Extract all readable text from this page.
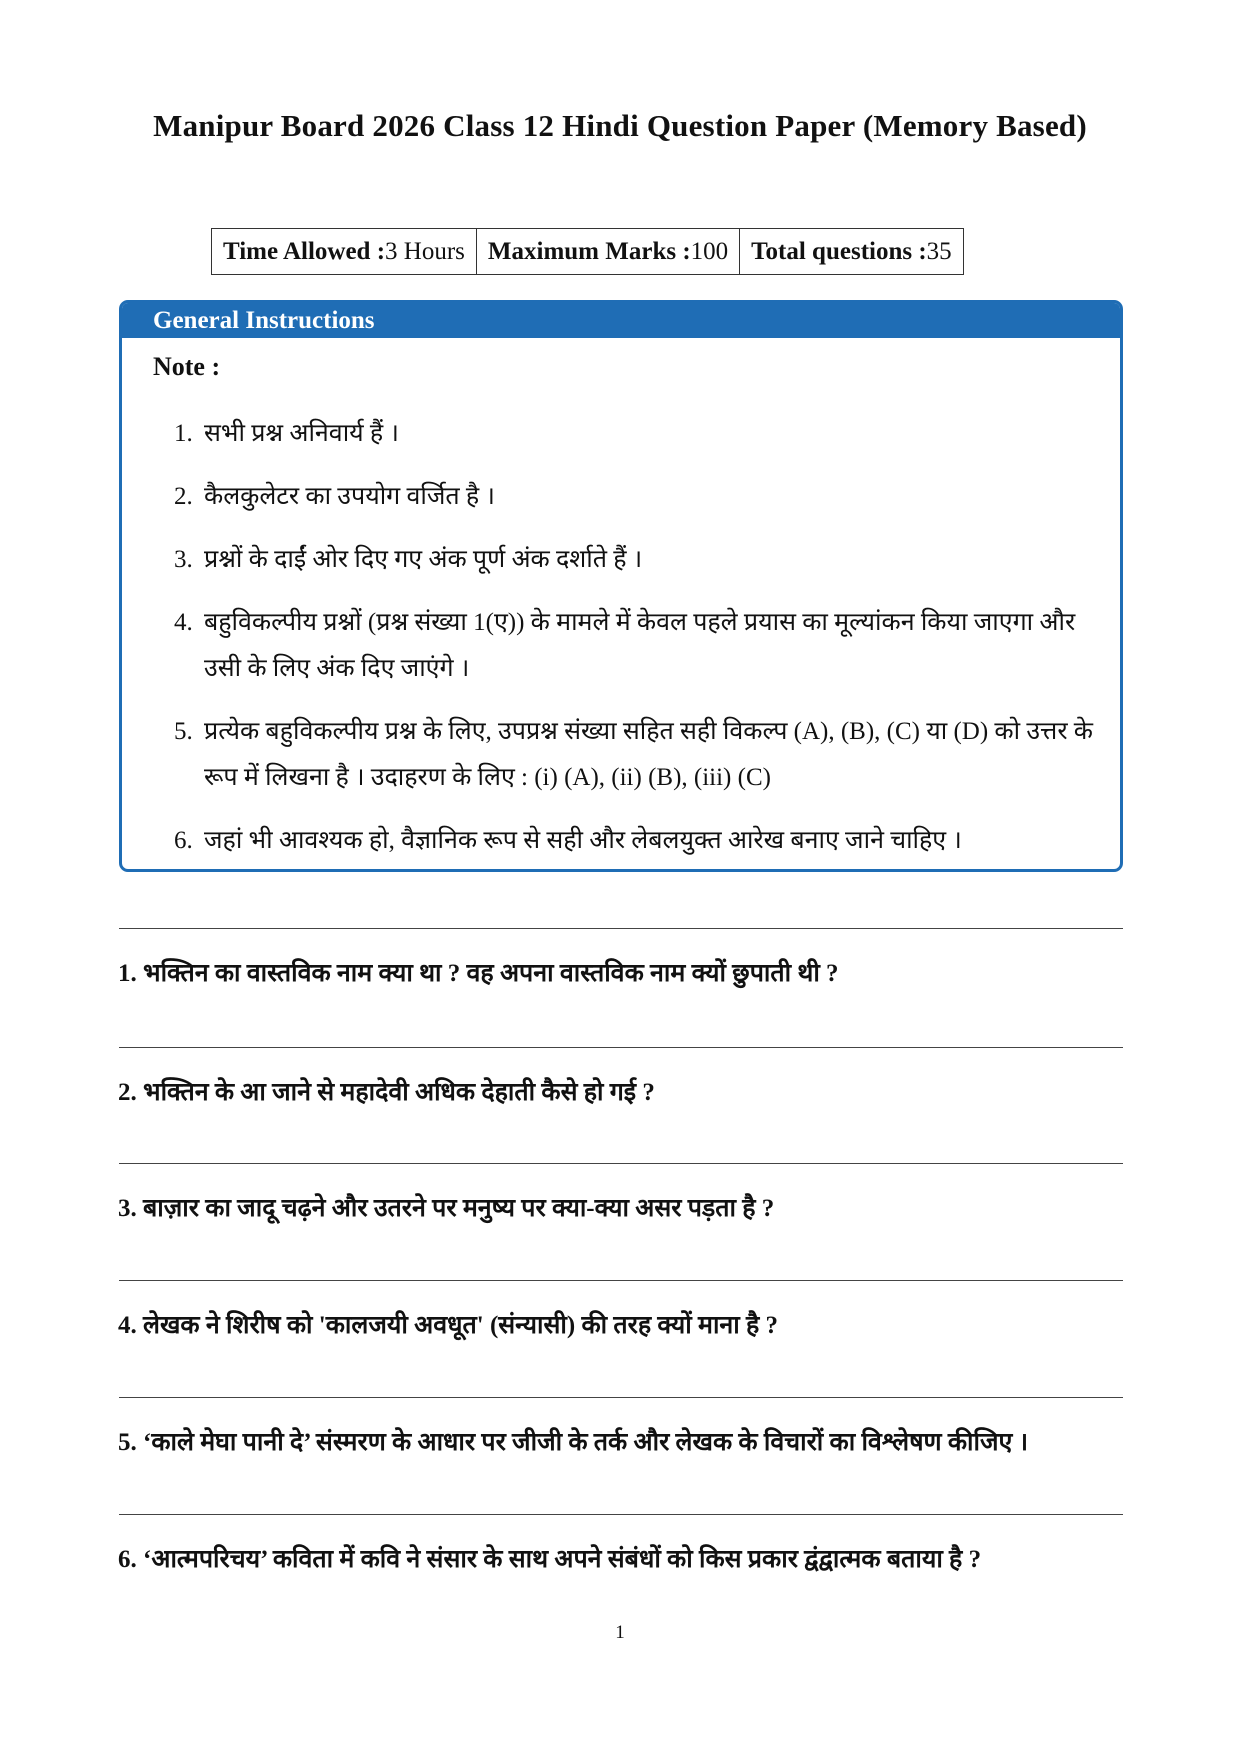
Manipur Board 2026 Class 12 Hindi Question Paper (Memory Based)
Time Allowed : 3 Hours Maximum Marks : 100 Total questions : 35
General Instructions
Note :
1. सभी प्रश्न अनिवार्य हैं ।
2. कैलकुलेटर का उपयोग वर्जित है ।
3. प्रश्नों के दाईं ओर दिए गए अंक पूर्ण अंक दर्शाते हैं ।
4. बहुविकल्पीय प्रश्नों (प्रश्न संख्या 1(ए)) के मामले में केवल पहले प्रयास का मूल्यांकन किया जाएगा और उसी के लिए अंक दिए जाएंगे ।
5. प्रत्येक बहुविकल्पीय प्रश्न के लिए, उपप्रश्न संख्या सहित सही विकल्प (A), (B), (C) या (D) को उत्तर के रूप में लिखना है । उदाहरण के लिए : (i) (A), (ii) (B), (iii) (C)
6. जहां भी आवश्यक हो, वैज्ञानिक रूप से सही और लेबलयुक्त आरेख बनाए जाने चाहिए ।
1. भक्तिन का वास्तविक नाम क्या था ? वह अपना वास्तविक नाम क्यों छुपाती थी ?
2. भक्तिन के आ जाने से महादेवी अधिक देहाती कैसे हो गई ?
3. बाज़ार का जादू चढ़ने और उतरने पर मनुष्य पर क्या-क्या असर पड़ता है ?
4. लेखक ने शिरीष को 'कालजयी अवधूत' (संन्यासी) की तरह क्यों माना है ?
5. ‘काले मेघा पानी दे’ संस्मरण के आधार पर जीजी के तर्क और लेखक के विचारों का विश्लेषण कीजिए ।
6. ‘आत्मपरिचय’ कविता में कवि ने संसार के साथ अपने संबंधों को किस प्रकार द्वंद्वात्मक बताया है ?
1
